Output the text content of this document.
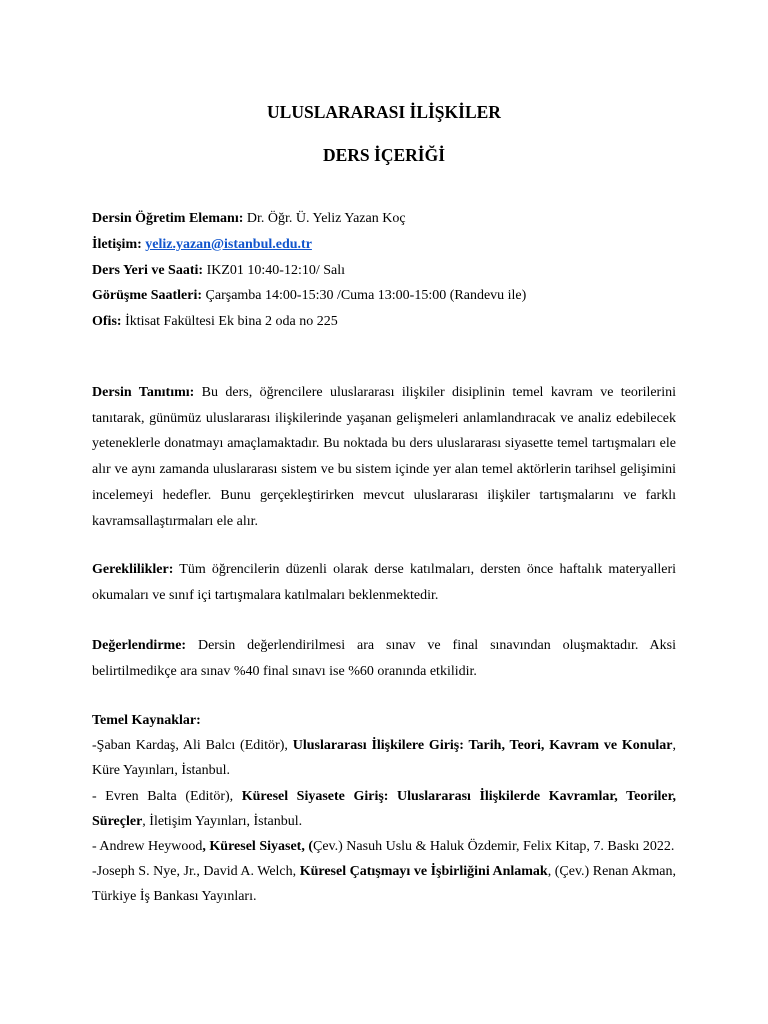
ULUSLARARASI İLİŞKİLER
DERS İÇERİĞİ
Dersin Öğretim Elemanı: Dr. Öğr. Ü. Yeliz Yazan Koç
İletişim: yeliz.yazan@istanbul.edu.tr
Ders Yeri ve Saati: IKZ01 10:40-12:10/ Salı
Görüşme Saatleri: Çarşamba 14:00-15:30 /Cuma 13:00-15:00 (Randevu ile)
Ofis: İktisat Fakültesi Ek bina 2 oda no 225

Dersin Tanıtımı: Bu ders, öğrencilere uluslararası ilişkiler disiplinin temel kavram ve teorilerini tanıtarak, günümüz uluslararası ilişkilerinde yaşanan gelişmeleri anlamlandıracak ve analiz edebilecek yeteneklerle donatmayı amaçlamaktadır. Bu noktada bu ders uluslararası siyasette temel tartışmaları ele alır ve aynı zamanda uluslararası sistem ve bu sistem içinde yer alan temel aktörlerin tarihsel gelişimini incelemeyi hedefler. Bunu gerçekleştirirken mevcut uluslararası ilişkiler tartışmalarını ve farklı kavramsallaştırmaları ele alır.

Gereklilikler: Tüm öğrencilerin düzenli olarak derse katılmaları, dersten önce haftalık materyalleri okumaları ve sınıf içi tartışmalara katılmaları beklenmektedir.

Değerlendirme: Dersin değerlendirilmesi ara sınav ve final sınavından oluşmaktadır. Aksi belirtilmedikçe ara sınav %40 final sınavı ise %60 oranında etkilidir.

Temel Kaynaklar:
-Şaban Kardaş, Ali Balcı (Editör), Uluslararası İlişkilere Giriş: Tarih, Teori, Kavram ve Konular, Küre Yayınları, İstanbul.
- Evren Balta (Editör), Küresel Siyasete Giriş: Uluslararası İlişkilerde Kavramlar, Teoriler, Süreçler, İletişim Yayınları, İstanbul.
- Andrew Heywood, Küresel Siyaset, (Çev.) Nasuh Uslu & Haluk Özdemir, Felix Kitap, 7. Baskı 2022.
-Joseph S. Nye, Jr., David A. Welch, Küresel Çatışmayı ve İşbirliğini Anlamak, (Çev.) Renan Akman, Türkiye İş Bankası Yayınları.
